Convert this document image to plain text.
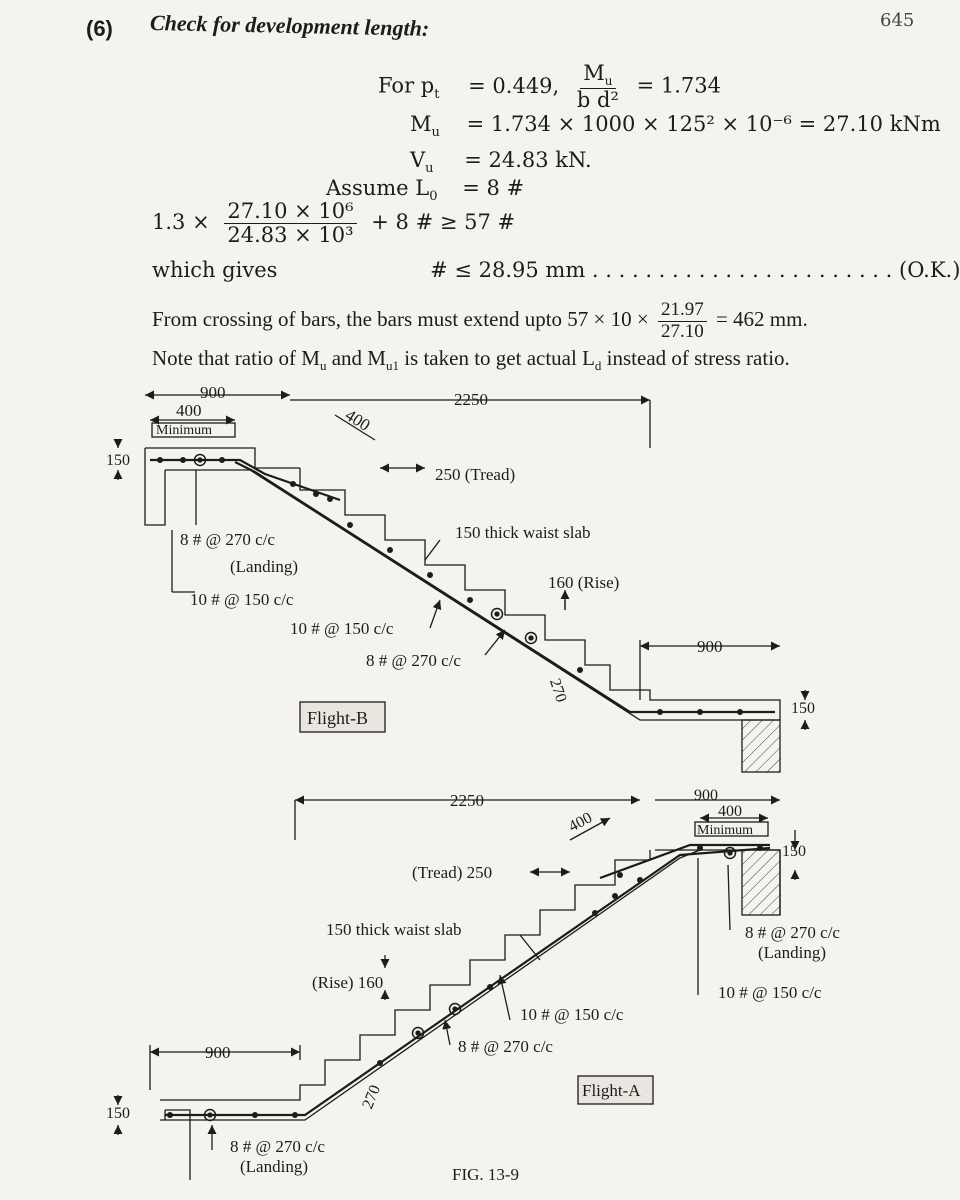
(6) Check for development length:	645
For $p_t = 0.449$, $\frac{M_u}{\text{b d²}} = 1.734$
$M_u = 1.734 \times 1000 \times 125^2 \times 10^{-6} = 27.10$ kNm
$V_u = 24.83$ kN.
Assume $L_0 = 8$ #
$1.3 \times \frac{\text{27.10 × 10⁶}}{\text{24.83 × 10³}} + 8$ # ≥ 57 #
which gives	# ≤ 28.95 mm . . . . . . . . . . . . . . . . . . . . . . . (O.K.)
From crossing of bars, the bars must extend upto $57 \times 10 \times \frac{21.97}{27.10} = 462$ mm.
Note that ratio of $M_u$ and $M_{u1}$ is taken to get actual $L_d$ instead of stress ratio.
900
400
Minimum
2250
400
150
250 (Tread)
150 thick waist slab
160 (Rise)
8 # @ 270 c/c
(Landing)
10 # @ 150 c/c
10 # @ 150 c/c
8 # @ 270 c/c
270
900
150
Flight-B
2250	900
400
Minimum
150
400
(Tread) 250
150 thick waist slab
(Rise) 160
10 # @ 150 c/c
8 # @ 270 c/c
8 # @ 270 c/c
(Landing)
10 # @ 150 c/c
900
150
270
8 # @ 270 c/c
(Landing)
Flight-A
FIG. 13-9
